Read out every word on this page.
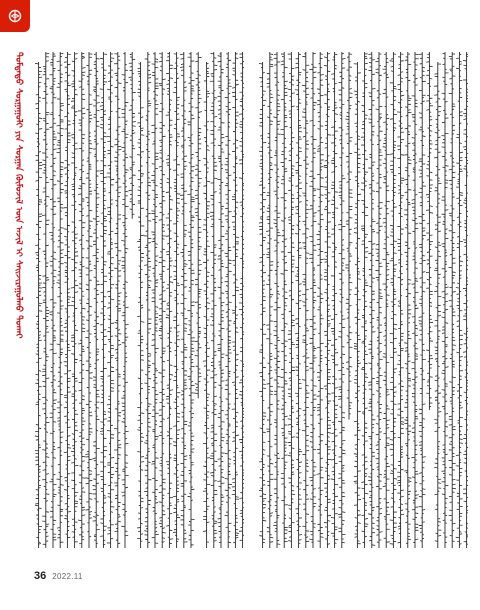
ᠳᠤᠮᠳᠠᠳᠤ ᠰᠤᠷᠭᠠᠭᠤᠯᠢ ᠶᠢᠨ ᠰᠤᠷᠭᠠᠨ ᠬᠦᠮᠦᠵᠢᠯ ᠦᠨ ᠠᠵᠢᠯ ᠢ ᠰᠠᠢᠵᠢᠷᠠᠭᠤᠯᠬᠤ ᠲᠤᠬᠠᠢ
36 2022.11
